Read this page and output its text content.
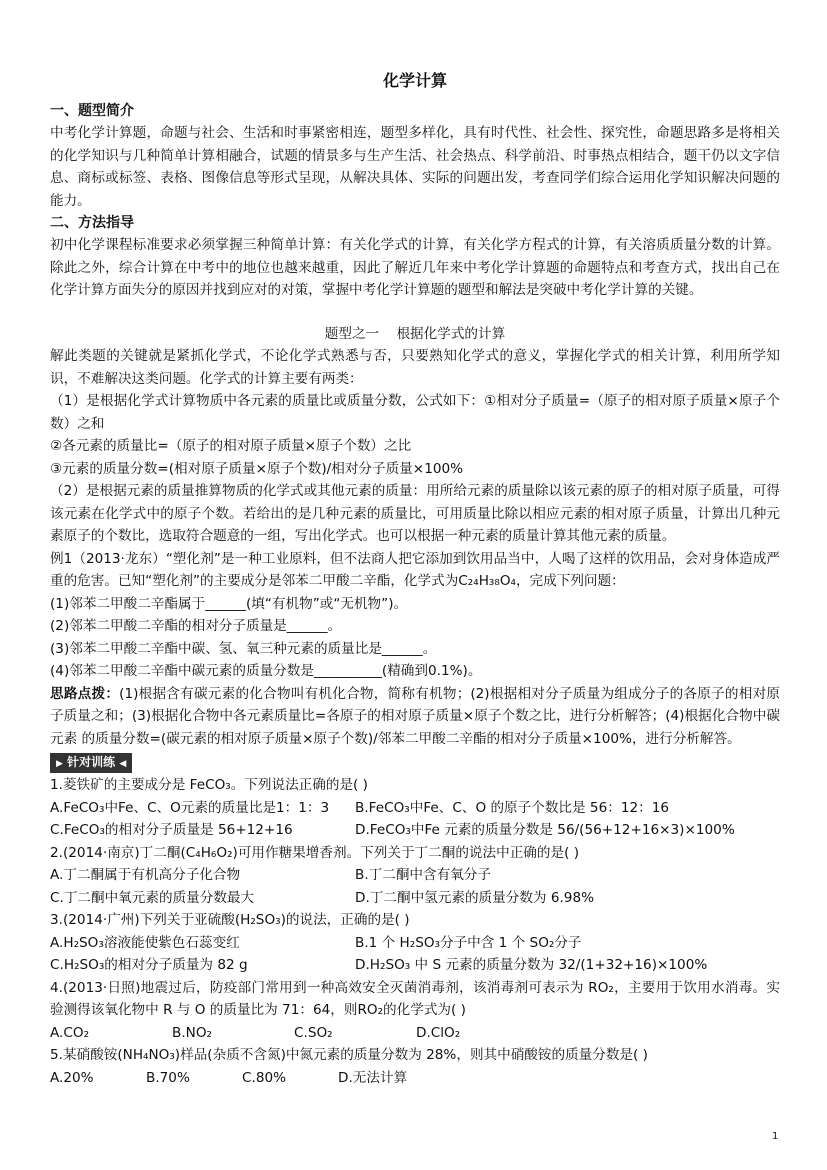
化学计算
一、题型简介

中考化学计算题，命题与社会、生活和时事紧密相连，题型多样化，具有时代性、社会性、探究性，命题思路多是将相关的化学知识与几种简单计算相融合，试题的情景多与生产生活、社会热点、科学前沿、时事热点相结合，题干仍以文字信息、商标或标签、表格、图像信息等形式呈现，从解决具体、实际的问题出发，考查同学们综合运用化学知识解决问题的能力。

二、方法指导

初中化学课程标准要求必须掌握三种简单计算：有关化学式的计算，有关化学方程式的计算，有关溶质质量分数的计算。除此之外，综合计算在中考中的地位也越来越重，因此了解近几年来中考化学计算题的命题特点和考查方式，找出自己在化学计算方面失分的原因并找到应对的对策，掌握中考化学计算题的题型和解法是突破中考化学计算的关键。

题型之一    根据化学式的计算

解此类题的关键就是紧抓化学式，不论化学式熟悉与否，只要熟知化学式的意义，掌握化学式的相关计算，利用所学知识，不难解决这类问题。化学式的计算主要有两类：

（1）是根据化学式计算物质中各元素的质量比或质量分数，公式如下：①相对分子质量=（原子的相对原子质量×原子个数）之和

②各元素的质量比=（原子的相对原子质量×原子个数）之比

③元素的质量分数=(相对原子质量×原子个数)/相对分子质量×100%

（2）是根据元素的质量推算物质的化学式或其他元素的质量：用所给元素的质量除以该元素的原子的相对原子质量，可得该元素在化学式中的原子个数。若给出的是几种元素的质量比，可用质量比除以相应元素的相对原子质量，计算出几种元素原子的个数比，选取符合题意的一组，写出化学式。也可以根据一种元素的质量计算其他元素的质量。

例1（2013·龙东）“塑化剂”是一种工业原料，但不法商人把它添加到饮用品当中，人喝了这样的饮用品，会对身体造成严重的危害。已知“塑化剂”的主要成分是邻苯二甲酸二辛酯，化学式为C₂₄H₃₈O₄，完成下列问题：

(1)邻苯二甲酸二辛酯属于______(填“有机物”或“无机物”)。

(2)邻苯二甲酸二辛酯的相对分子质量是______。

(3)邻苯二甲酸二辛酯中碳、氢、氧三种元素的质量比是______。

(4)邻苯二甲酸二辛酯中碳元素的质量分数是__________(精确到0.1%)。

思路点拨：(1)根据含有碳元素的化合物叫有机化合物，简称有机物；(2)根据相对分子质量为组成分子的各原子的相对原子质量之和；(3)根据化合物中各元素质量比=各原子的相对原子质量×原子个数之比，进行分析解答；(4)根据化合物中碳元素 的质量分数=(碳元素的相对原子质量×原子个数)/邻苯二甲酸二辛酯的相对分子质量×100%，进行分析解答。

▶ 针对训练 ◀

1.菱铁矿的主要成分是 FeCO₃。下列说法正确的是( )

A.FeCO₃中Fe、C、O元素的质量比是1：1：3	B.FeCO₃中Fe、C、O 的原子个数比是 56：12：16
C.FeCO₃的相对分子质量是 56+12+16	D.FeCO₃中Fe 元素的质量分数是 56/(56+12+16×3)×100%

2.(2014·南京)丁二酮(C₄H₆O₂)可用作糖果增香剂。下列关于丁二酮的说法中正确的是( )

A.丁二酮属于有机高分子化合物	B.丁二酮中含有氧分子
C.丁二酮中氧元素的质量分数最大	D.丁二酮中氢元素的质量分数为 6.98%

3.(2014·广州)下列关于亚硫酸(H₂SO₃)的说法，正确的是( )

A.H₂SO₃溶液能使紫色石蕊变红	B.1 个 H₂SO₃分子中含 1 个 SO₂分子
C.H₂SO₃的相对分子质量为 82 g	D.H₂SO₃ 中 S 元素的质量分数为 32/(1+32+16)×100%

4.(2013·日照)地震过后，防疫部门常用到一种高效安全灭菌消毒剂，该消毒剂可表示为 RO₂，主要用于饮用水消毒。实验测得该氧化物中 R 与 O 的质量比为 71：64，则RO₂的化学式为( )

A.CO₂	B.NO₂	C.SO₂	D.ClO₂

5.某硝酸铵(NH₄NO₃)样品(杂质不含氮)中氮元素的质量分数为 28%，则其中硝酸铵的质量分数是( )

A.20%	B.70%	C.80%	D.无法计算
1
